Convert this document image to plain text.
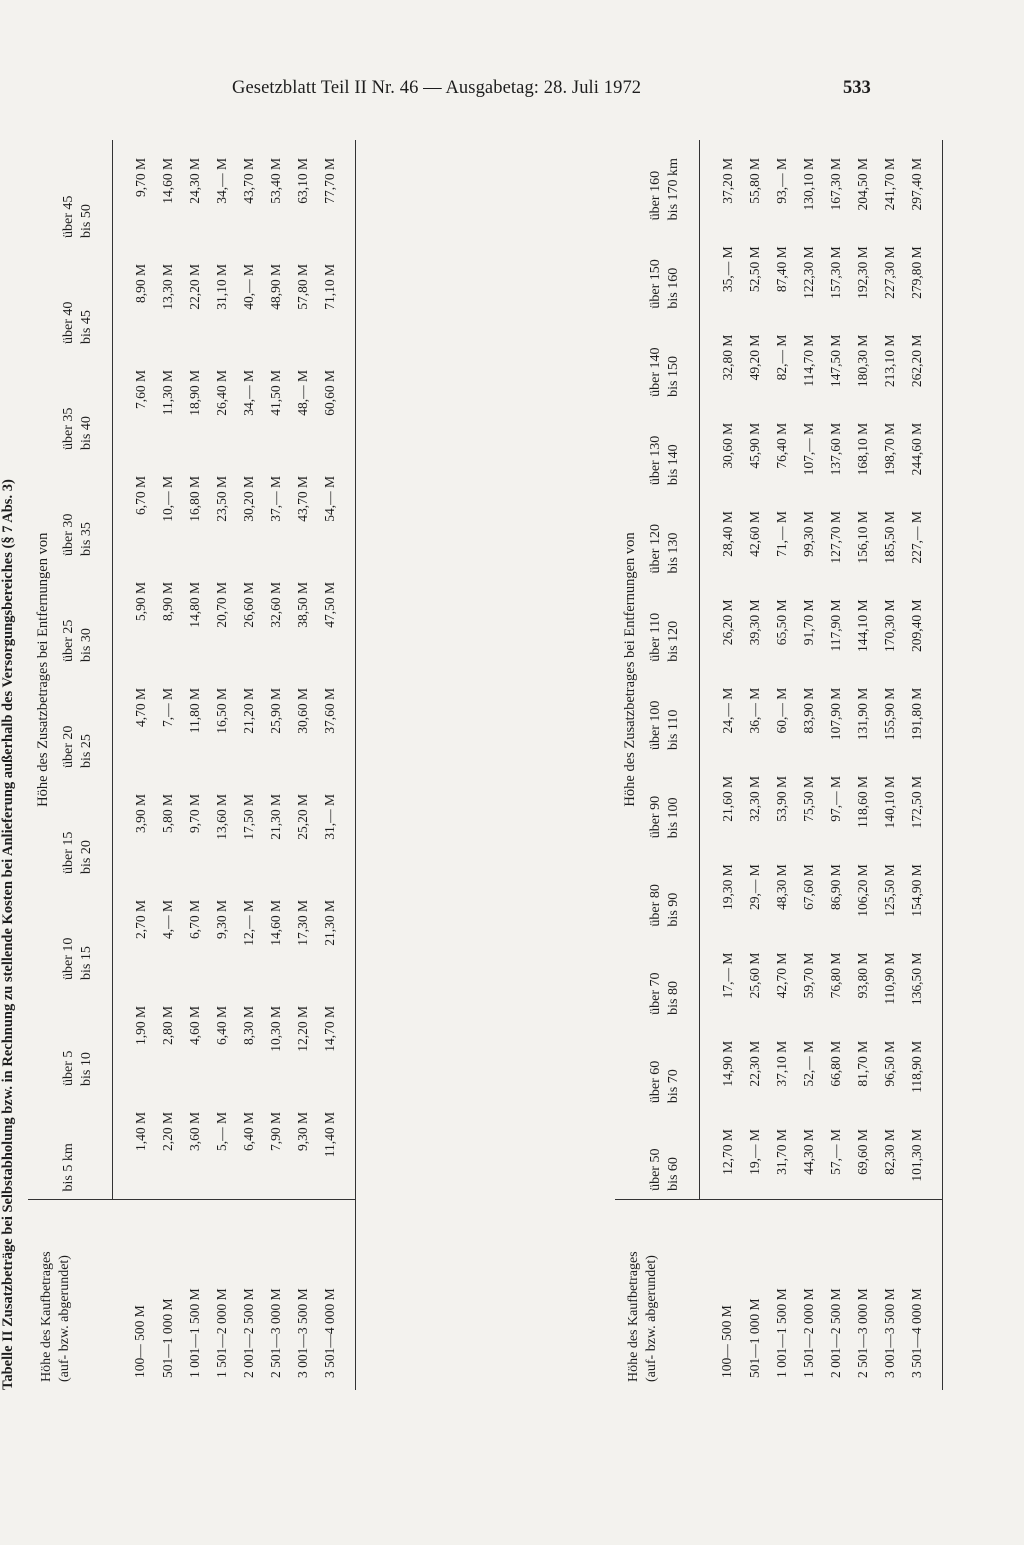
Gesetzblatt Teil II Nr. 46 — Ausgabetag: 28. Juli 1972	533
Tabelle II Zusatzbeträge bei Selbstabholung bzw. in Rechnung zu stellende Kosten bei Anlieferung außerhalb des Versorgungsbereiches (§ 7 Abs. 3)	Höhe des Kaufbetrages (auf- bzw. abgerundet)	Höhe des Zusatzbetrages bei Entfernungen von									
	bis 5 km	über 5 bis 10	über 10 bis 15	über 15 bis 20	über 20 bis 25	über 25 bis 30	über 30 bis 35	über 35 bis 40	über 40 bis 45	über 45 bis 50
100— 500 M	1,40 M	1,90 M	2,70 M	3,90 M	4,70 M	5,90 M	6,70 M	7,60 M	8,90 M	9,70 M
501—1 000 M	2,20 M	2,80 M	4,— M	5,80 M	7,— M	8,90 M	10,— M	11,30 M	13,30 M	14,60 M
1 001—1 500 M	3,60 M	4,60 M	6,70 M	9,70 M	11,80 M	14,80 M	16,80 M	18,90 M	22,20 M	24,30 M
1 501—2 000 M	5,— M	6,40 M	9,30 M	13,60 M	16,50 M	20,70 M	23,50 M	26,40 M	31,10 M	34,— M
2 001—2 500 M	6,40 M	8,30 M	12,— M	17,50 M	21,20 M	26,60 M	30,20 M	34,— M	40,— M	43,70 M
2 501—3 000 M	7,90 M	10,30 M	14,60 M	21,30 M	25,90 M	32,60 M	37,— M	41,50 M	48,90 M	53,40 M
3 001—3 500 M	9,30 M	12,20 M	17,30 M	25,20 M	30,60 M	38,50 M	43,70 M	48,— M	57,80 M	63,10 M
3 501—4 000 M	11,40 M	14,70 M	21,30 M	31,— M	37,60 M	47,50 M	54,— M	60,60 M	71,10 M	77,70 M
Höhe des Kaufbetrages (auf- bzw. abgerundet)	Höhe des Zusatzbetrages bei Entfernungen von											
	über 50 bis 60	über 60 bis 70	über 70 bis 80	über 80 bis 90	über 90 bis 100	über 100 bis 110	über 110 bis 120	über 120 bis 130	über 130 bis 140	über 140 bis 150	über 150 bis 160	über 160 bis 170 km
100— 500 M	12,70 M	14,90 M	17,— M	19,30 M	21,60 M	24,— M	26,20 M	28,40 M	30,60 M	32,80 M	35,— M	37,20 M
501—1 000 M	19,— M	22,30 M	25,60 M	29,— M	32,30 M	36,— M	39,30 M	42,60 M	45,90 M	49,20 M	52,50 M	55,80 M
1 001—1 500 M	31,70 M	37,10 M	42,70 M	48,30 M	53,90 M	60,— M	65,50 M	71,— M	76,40 M	82,— M	87,40 M	93,— M
1 501—2 000 M	44,30 M	52,— M	59,70 M	67,60 M	75,50 M	83,90 M	91,70 M	99,30 M	107,— M	114,70 M	122,30 M	130,10 M
2 001—2 500 M	57,— M	66,80 M	76,80 M	86,90 M	97,— M	107,90 M	117,90 M	127,70 M	137,60 M	147,50 M	157,30 M	167,30 M
2 501—3 000 M	69,60 M	81,70 M	93,80 M	106,20 M	118,60 M	131,90 M	144,10 M	156,10 M	168,10 M	180,30 M	192,30 M	204,50 M
3 001—3 500 M	82,30 M	96,50 M	110,90 M	125,50 M	140,10 M	155,90 M	170,30 M	185,50 M	198,70 M	213,10 M	227,30 M	241,70 M
3 501—4 000 M	101,30 M	118,90 M	136,50 M	154,90 M	172,50 M	191,80 M	209,40 M	227,— M	244,60 M	262,20 M	279,80 M	297,40 M
